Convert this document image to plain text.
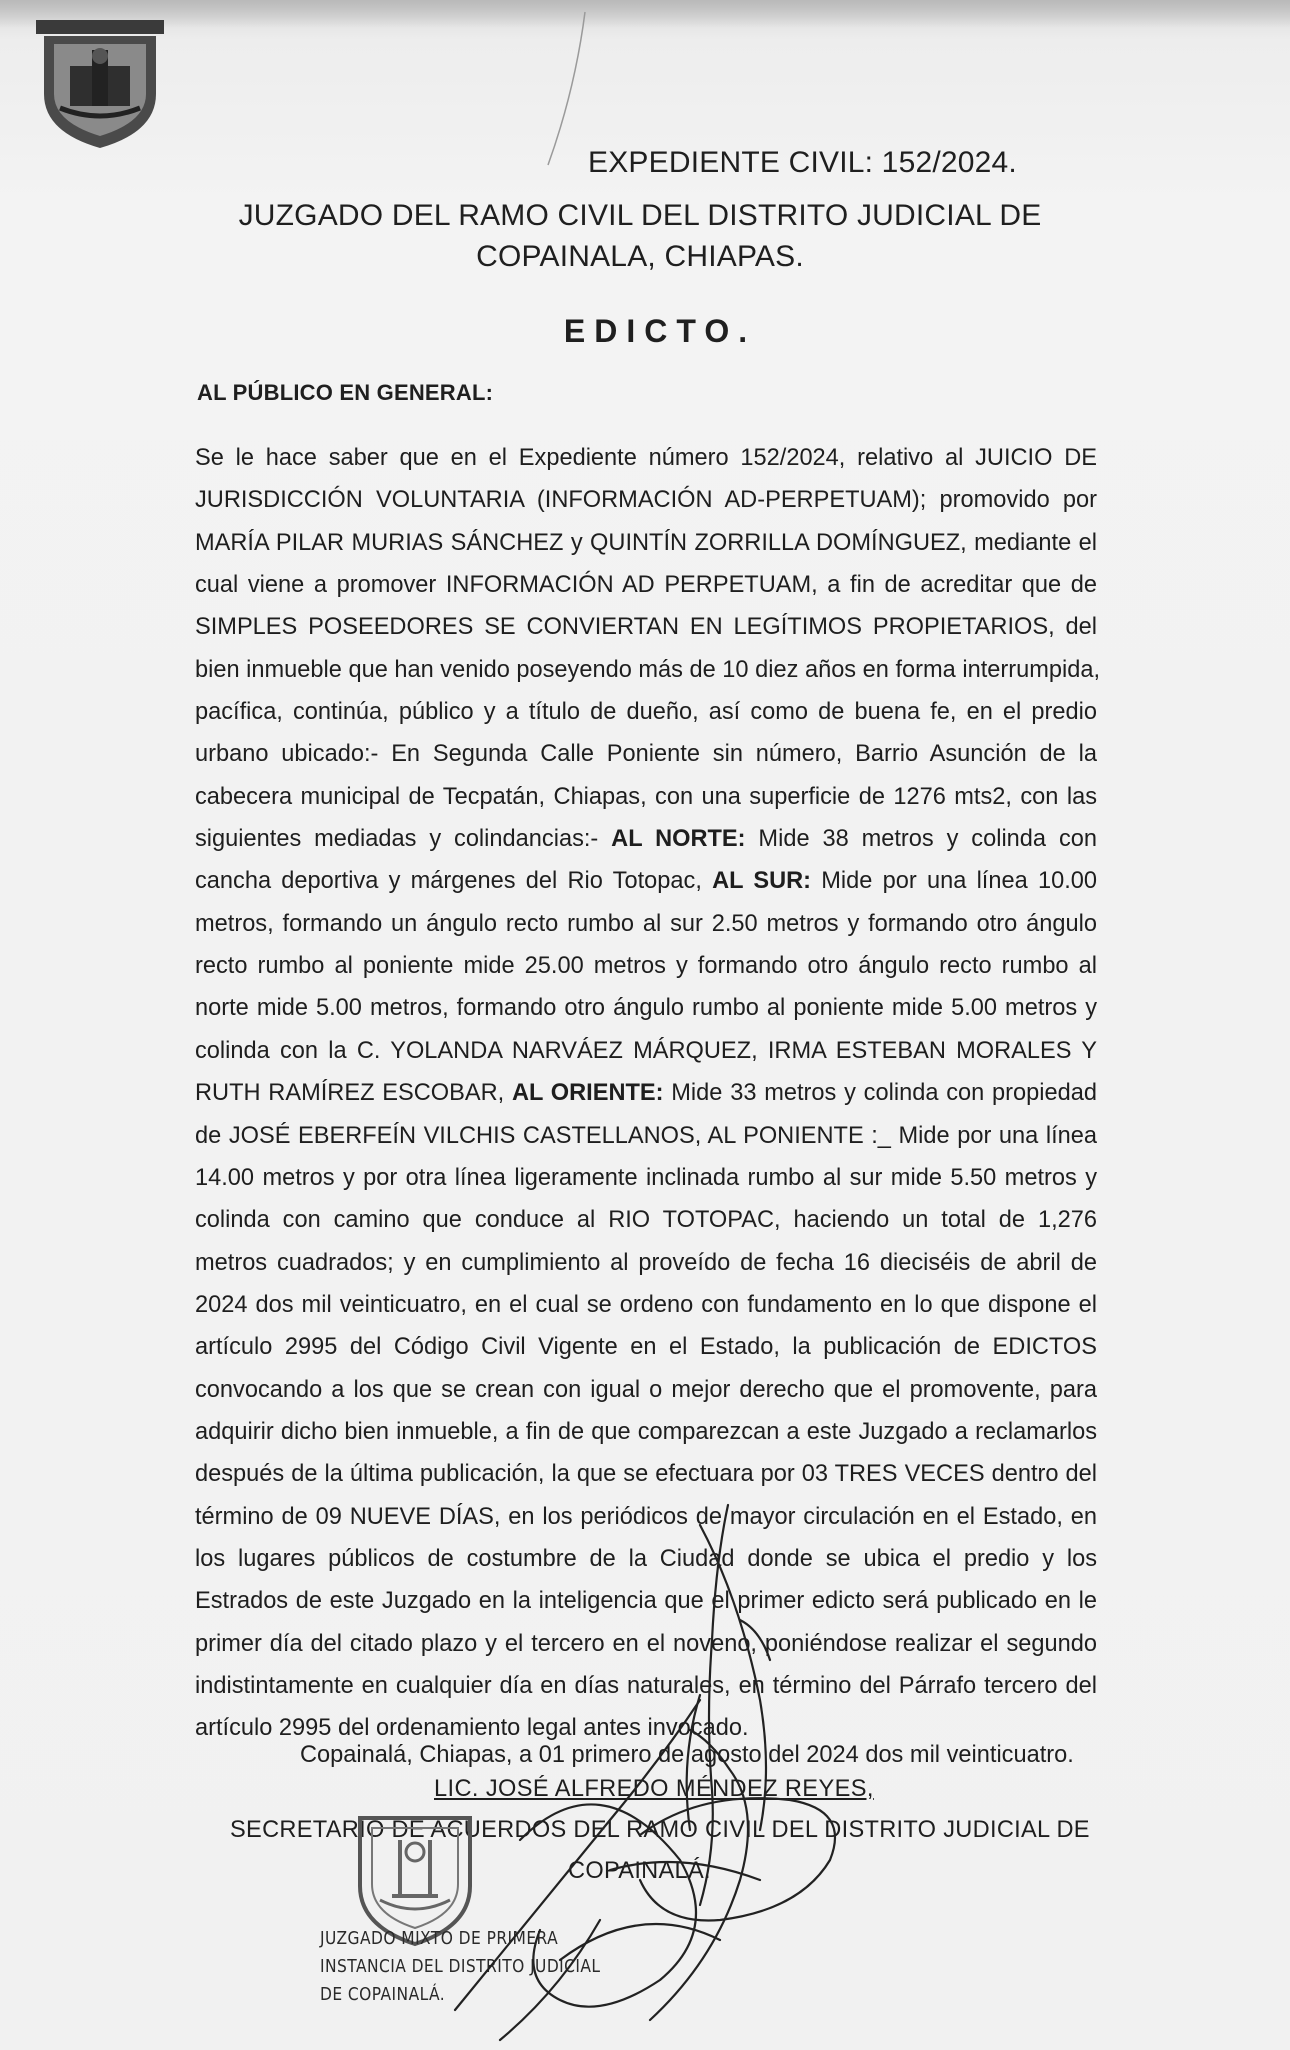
EXPEDIENTE CIVIL: 152/2024.
JUZGADO DEL RAMO CIVIL DEL DISTRITO JUDICIAL DE
COPAINALA, CHIAPAS.
EDICTO.
AL PÚBLICO EN GENERAL:
Se le hace saber que en el Expediente número 152/2024, relativo al JUICIO DE
JURISDICCIÓN VOLUNTARIA (INFORMACIÓN AD-PERPETUAM); promovido por
MARÍA PILAR MURIAS SÁNCHEZ y QUINTÍN ZORRILLA DOMÍNGUEZ, mediante el
cual viene a promover INFORMACIÓN AD PERPETUAM, a fin de acreditar que de
SIMPLES POSEEDORES SE CONVIERTAN EN LEGÍTIMOS PROPIETARIOS, del
bien inmueble que han venido poseyendo más de 10 diez años en forma interrumpida,
pacífica, continúa, público y a título de dueño, así como de buena fe, en el predio
urbano ubicado:- En Segunda Calle Poniente sin número, Barrio Asunción de la
cabecera municipal de Tecpatán, Chiapas, con una superficie de 1276 mts2, con las
siguientes mediadas y colindancias:- AL NORTE: Mide 38 metros y colinda con
cancha deportiva y márgenes del Rio Totopac, AL SUR: Mide por una línea 10.00
metros, formando un ángulo recto rumbo al sur 2.50 metros y formando otro ángulo
recto rumbo al poniente mide 25.00 metros y formando otro ángulo recto rumbo al
norte mide 5.00 metros, formando otro ángulo rumbo al poniente mide 5.00 metros y
colinda con la C. YOLANDA NARVÁEZ MÁRQUEZ, IRMA ESTEBAN MORALES Y
RUTH RAMÍREZ ESCOBAR, AL ORIENTE: Mide 33 metros y colinda con propiedad
de JOSÉ EBERFEÍN VILCHIS CASTELLANOS, AL PONIENTE :_ Mide por una línea
14.00 metros y por otra línea ligeramente inclinada rumbo al sur mide 5.50 metros y
colinda con camino que conduce al RIO TOTOPAC, haciendo un total de 1,276
metros cuadrados; y en cumplimiento al proveído de fecha 16 dieciséis de abril de
2024 dos mil veinticuatro, en el cual se ordeno con fundamento en lo que dispone el
artículo 2995 del Código Civil Vigente en el Estado, la publicación de EDICTOS
convocando a los que se crean con igual o mejor derecho que el promovente, para
adquirir dicho bien inmueble, a fin de que comparezcan a este Juzgado a reclamarlos
después de la última publicación, la que se efectuara por 03 TRES VECES dentro del
término de 09 NUEVE DÍAS, en los periódicos de mayor circulación en el Estado, en
los lugares públicos de costumbre de la Ciudad donde se ubica el predio y los
Estrados de este Juzgado en la inteligencia que el primer edicto será publicado en le
primer día del citado plazo y el tercero en el noveno, poniéndose realizar el segundo
indistintamente en cualquier día en días naturales, en término del Párrafo tercero del
artículo 2995 del ordenamiento legal antes invocado.
Copainalá, Chiapas, a 01 primero de agosto del 2024 dos mil veinticuatro.
LIC. JOSÉ ALFREDO MÉNDEZ REYES,
SECRETARIO DE ACUERDOS DEL RAMO CIVIL DEL DISTRITO JUDICIAL DE
COPAINALÁ.
JUZGADO MIXTO DE PRIMERA
INSTANCIA DEL DISTRITO JUDICIAL
DE COPAINALÁ.
